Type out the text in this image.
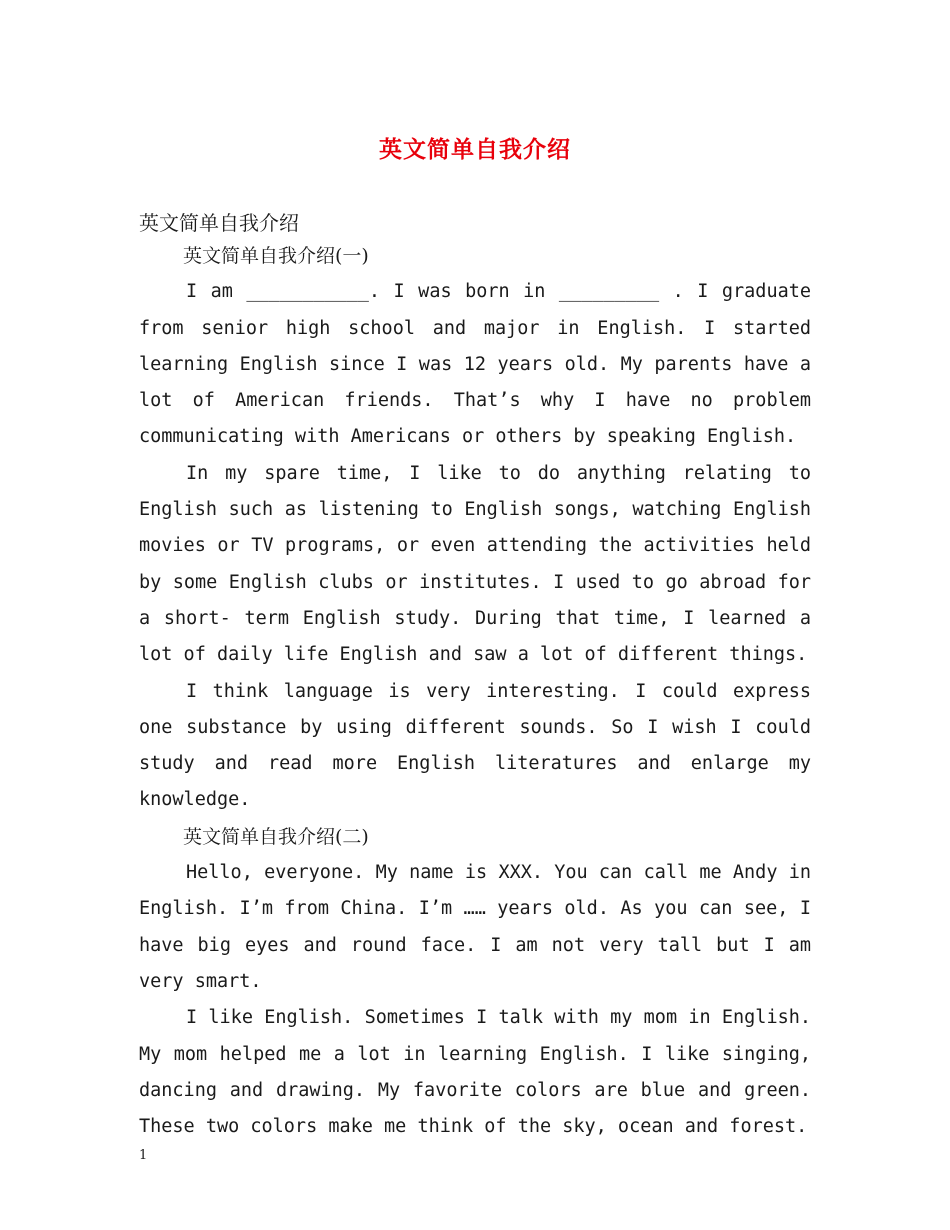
英文简单自我介绍
英文简单自我介绍
英文简单自我介绍(一)

I am ___________. I was born in _________ . I graduate from senior high school and major in English. I started learning English since I was 12 years old. My parents have a lot of American friends. That’s why I have no problem communicating with Americans or others by speaking English.

In my spare time, I like to do anything relating to English such as listening to English songs, watching English movies or TV programs, or even attending the activities held by some English clubs or institutes. I used to go abroad for a short- term English study. During that time, I learned a lot of daily life English and saw a lot of different things.

I think language is very interesting. I could express one substance by using different sounds. So I wish I could study and read more English literatures and enlarge my knowledge.

英文简单自我介绍(二)

Hello, everyone. My name is XXX. You can call me Andy in English. I’m from China. I’m …… years old. As you can see, I have big eyes and round face. I am not very tall but I am very smart.

I like English. Sometimes I talk with my mom in English. My mom helped me a lot in learning English. I like singing, dancing and drawing. My favorite colors are blue and green. These two colors make me think of the sky, ocean and forest.

1
